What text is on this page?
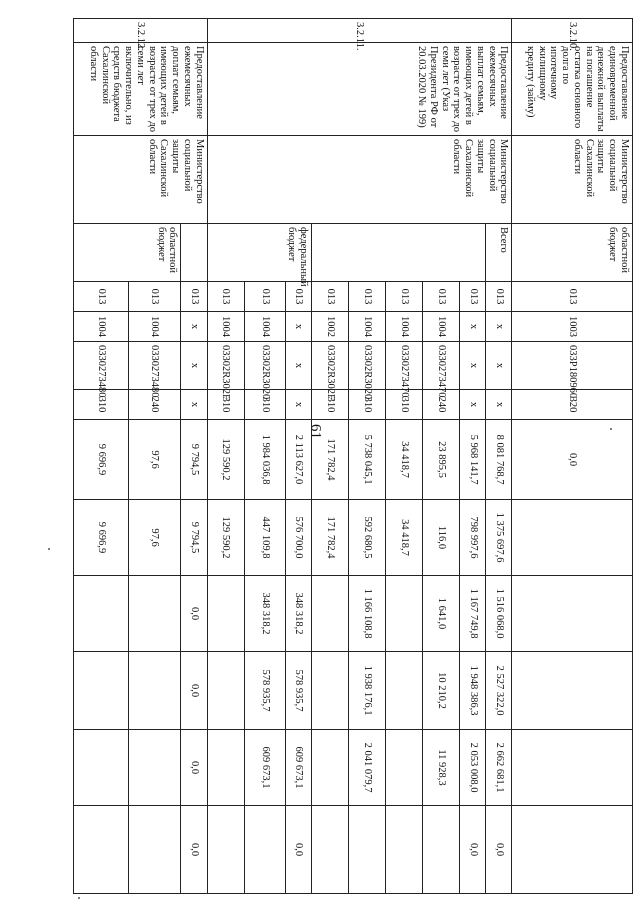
61
3.2.10.	Предоставление единовременной денежной выплаты на погашение остатка основного долга по ипотечному жилищному кредиту (займу)	Министерство социальной защиты Сахалинской области	областной бюджет	013	1003	033P180960	320	0,0					
3.2.11.	Предоставление ежемесячных выплат семьям, имеющих детей в возрасте от трех до семи лет (Указ Президента РФ от 20.03.2020 № 199)	Министерство социальной защиты Сахалинской области	Всего	013	х	х	х	8 081 768,7	1 375 697,6	1 516 068,0	2 527 322,0	2 662 681,1	0,0
				013	х	х	х	5 968 141,7	798 997,6	1 167 749,8	1 948 386,3	2 053 008,0	0,0
				013	1004	0330273470	240	23 895,5	116,0	1 641,0	10 210,2	11 928,3	
				013	1004	0330273470	310	34 418,7	34 418,7				
				013	1004	03302R3020	310	5 738 045,1	592 680,5	1 166 108,8	1 938 176,1	2 041 079,7	
				013	1002	03302R302F	310	171 782,4	171 782,4				
			федеральный бюджет	013	х	х	х	2 113 627,0	576 700,0	348 318,2	578 935,7	609 673,1	0,0
				013	1004	03302R3020	310	1 984 036,8	447 109,8	348 318,2	578 935,7	609 673,1	
				013	1004	03302R302F	310	129 590,2	129 590,2				
3.2.12.	Предоставление ежемесячных доплат семьям, имеющих детей в возрасте от трех до семи лет включительно, из средств бюджета Сахалинской области	Министерство социальной защиты Сахалинской области		013	х	х	х	9 794,5	9 794,5	0,0	0,0	0,0	0,0
			областной бюджет	013	1004	0330273480	240	97,6	97,6				
				013	1004	0330273480	310	9 696,9	9 696,9				
